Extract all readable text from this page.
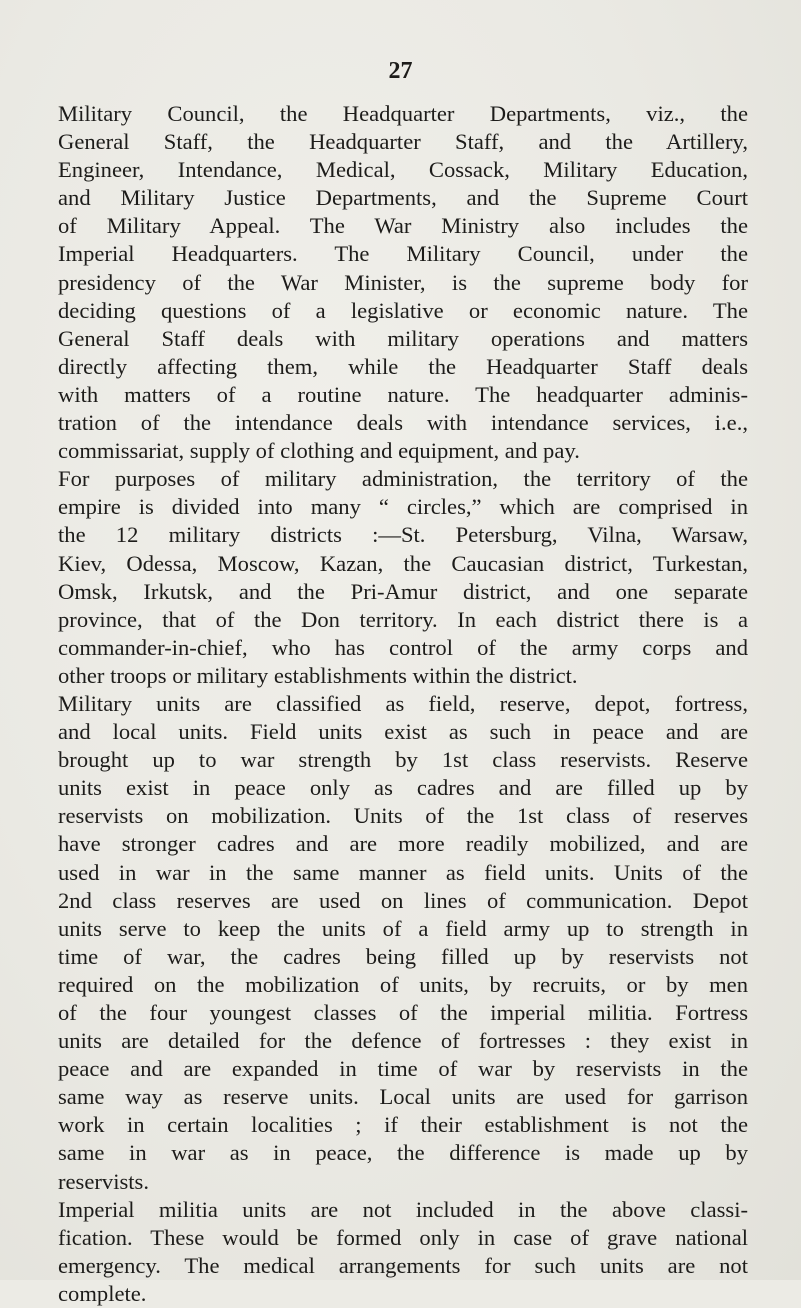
27
Military Council, the Headquarter Departments, viz., the
General Staff, the Headquarter Staff, and the Artillery,
Engineer, Intendance, Medical, Cossack, Military Education,
and Military Justice Departments, and the Supreme Court
of Military Appeal. The War Ministry also includes the
Imperial Headquarters. The Military Council, under the
presidency of the War Minister, is the supreme body for
deciding questions of a legislative or economic nature. The
General Staff deals with military operations and matters
directly affecting them, while the Headquarter Staff deals
with matters of a routine nature. The headquarter adminis-
tration of the intendance deals with intendance services, i.e.,
commissariat, supply of clothing and equipment, and pay.
For purposes of military administration, the territory of the
empire is divided into many “ circles,” which are comprised in
the 12 military districts :—St. Petersburg, Vilna, Warsaw,
Kiev, Odessa, Moscow, Kazan, the Caucasian district, Turkestan,
Omsk, Irkutsk, and the Pri-Amur district, and one separate
province, that of the Don territory. In each district there is a
commander-in-chief, who has control of the army corps and
other troops or military establishments within the district.
Military units are classified as field, reserve, depot, fortress,
and local units. Field units exist as such in peace and are
brought up to war strength by 1st class reservists. Reserve
units exist in peace only as cadres and are filled up by
reservists on mobilization. Units of the 1st class of reserves
have stronger cadres and are more readily mobilized, and are
used in war in the same manner as field units. Units of the
2nd class reserves are used on lines of communication. Depot
units serve to keep the units of a field army up to strength in
time of war, the cadres being filled up by reservists not
required on the mobilization of units, by recruits, or by men
of the four youngest classes of the imperial militia. Fortress
units are detailed for the defence of fortresses : they exist in
peace and are expanded in time of war by reservists in the
same way as reserve units. Local units are used for garrison
work in certain localities ; if their establishment is not the
same in war as in peace, the difference is made up by
reservists.
Imperial militia units are not included in the above classi-
fication. These would be formed only in case of grave national
emergency. The medical arrangements for such units are not
complete.
